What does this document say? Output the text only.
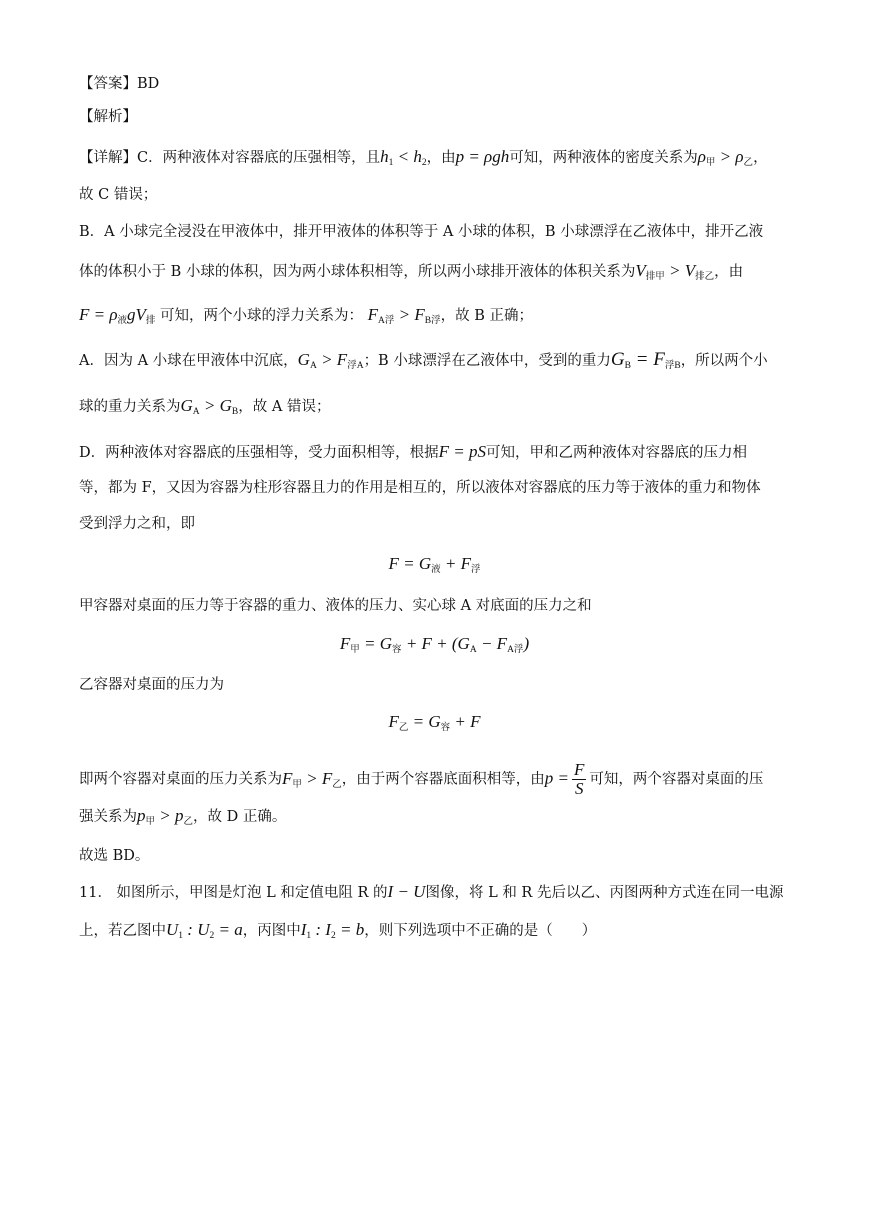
【答案】BD
【解析】
【详解】C．两种液体对容器底的压强相等，且$h_1 < h_2$，由p = ρgh可知，两种液体的密度关系为$\rho_甲 > \rho_乙$，
故 C 错误；
B．A 小球完全浸没在甲液体中，排开甲液体的体积等于 A 小球的体积，B 小球漂浮在乙液体中，排开乙液
体的体积小于 B 小球的体积，因为两小球体积相等，所以两小球排开液体的体积关系为$V_{排甲} > V_{排乙}$，由
$F = \rho_液gV_排$ 可知，两个小球的浮力关系为： $F_{A浮} > F_{B浮}$，故 B 正确；
A．因为 A 小球在甲液体中沉底，$G_A > F_{浮A}$；B 小球漂浮在乙液体中，受到的重力$G_B = F_{浮B}$，所以两个小
球的重力关系为$G_A > G_B$，故 A 错误；
D．两种液体对容器底的压强相等，受力面积相等，根据F = pS可知，甲和乙两种液体对容器底的压力相
等，都为 F，又因为容器为柱形容器且力的作用是相互的，所以液体对容器底的压力等于液体的重力和物体
受到浮力之和，即
$F = G_液 + F_浮$
甲容器对桌面的压力等于容器的重力、液体的压力、实心球 A 对底面的压力之和
$F_甲 = G_容 + F + (G_A - F_{A浮})$
乙容器对桌面的压力为
$F_乙 = G_容 + F$
即两个容器对桌面的压力关系为$F_甲 > F_乙$，由于两个容器底面积相等，由$p = \frac{F}{S}$ 可知，两个容器对桌面的压
强关系为$p_甲 > p_乙$，故 D 正确。
故选 BD。
11． 如图所示，甲图是灯泡 L 和定值电阻 R 的I − U图像，将 L 和 R 先后以乙、丙图两种方式连在同一电源
上，若乙图中$U_1$ : $U_2 = a$，丙图中$I_1$ : $I_2 = b$，则下列选项中不正确的是（　　）
